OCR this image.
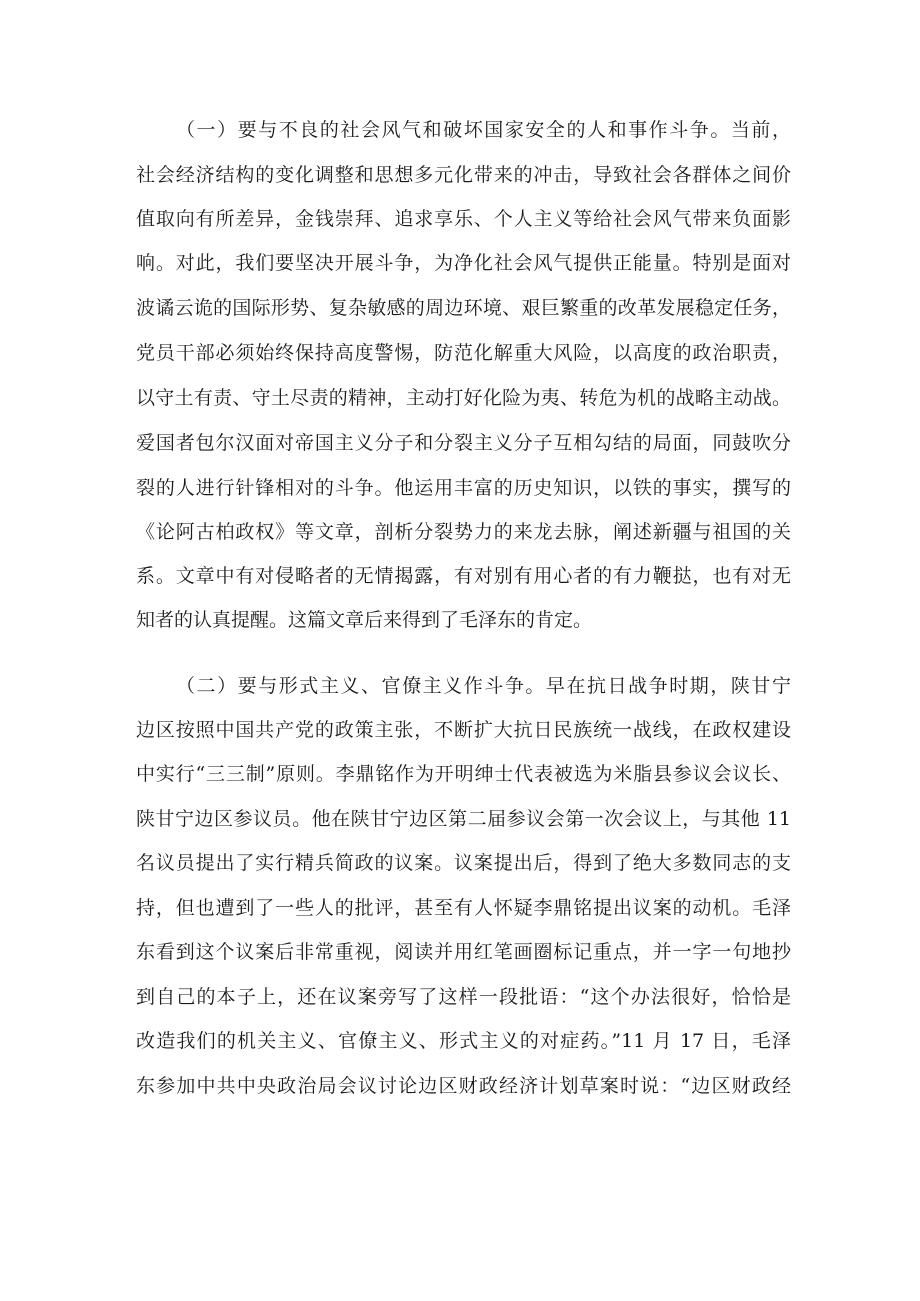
（一）要与不良的社会风气和破坏国家安全的人和事作斗争。当前，
社会经济结构的变化调整和思想多元化带来的冲击，导致社会各群体之间价
值取向有所差异，金钱崇拜、追求享乐、个人主义等给社会风气带来负面影
响。对此，我们要坚决开展斗争，为净化社会风气提供正能量。特别是面对
波谲云诡的国际形势、复杂敏感的周边环境、艰巨繁重的改革发展稳定任务，
党员干部必须始终保持高度警惕，防范化解重大风险，以高度的政治职责，
以守土有责、守土尽责的精神，主动打好化险为夷、转危为机的战略主动战。
爱国者包尔汉面对帝国主义分子和分裂主义分子互相勾结的局面，同鼓吹分
裂的人进行针锋相对的斗争。他运用丰富的历史知识，以铁的事实，撰写的
《论阿古柏政权》等文章，剖析分裂势力的来龙去脉，阐述新疆与祖国的关
系。文章中有对侵略者的无情揭露，有对别有用心者的有力鞭挞，也有对无
知者的认真提醒。这篇文章后来得到了毛泽东的肯定。
（二）要与形式主义、官僚主义作斗争。早在抗日战争时期，陕甘宁
边区按照中国共产党的政策主张，不断扩大抗日民族统一战线，在政权建设
中实行“三三制”原则。李鼎铭作为开明绅士代表被选为米脂县参议会议长、
陕甘宁边区参议员。他在陕甘宁边区第二届参议会第一次会议上，与其他 11
名议员提出了实行精兵简政的议案。议案提出后，得到了绝大多数同志的支
持，但也遭到了一些人的批评，甚至有人怀疑李鼎铭提出议案的动机。毛泽
东看到这个议案后非常重视，阅读并用红笔画圈标记重点，并一字一句地抄
到自己的本子上，还在议案旁写了这样一段批语：“这个办法很好，恰恰是
改造我们的机关主义、官僚主义、形式主义的对症药。”11 月 17 日，毛泽
东参加中共中央政治局会议讨论边区财政经济计划草案时说：“边区财政经
